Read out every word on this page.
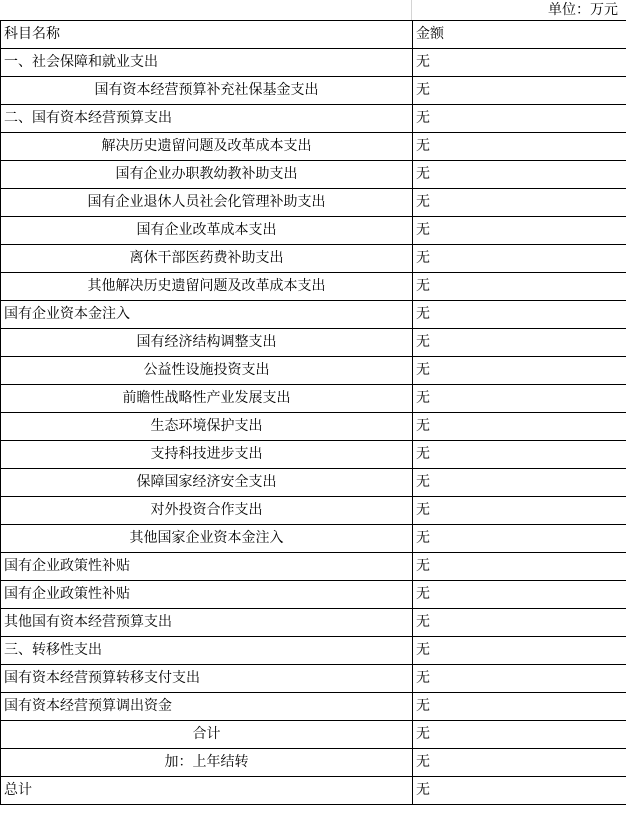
单位：万元
科目名称	金额
一、社会保障和就业支出	无
国有资本经营预算补充社保基金支出	无
二、国有资本经营预算支出	无
解决历史遗留问题及改革成本支出	无
国有企业办职教幼教补助支出	无
国有企业退休人员社会化管理补助支出	无
国有企业改革成本支出	无
离休干部医药费补助支出	无
其他解决历史遗留问题及改革成本支出	无
国有企业资本金注入	无
国有经济结构调整支出	无
公益性设施投资支出	无
前瞻性战略性产业发展支出	无
生态环境保护支出	无
支持科技进步支出	无
保障国家经济安全支出	无
对外投资合作支出	无
其他国家企业资本金注入	无
国有企业政策性补贴	无
国有企业政策性补贴	无
其他国有资本经营预算支出	无
三、转移性支出	无
国有资本经营预算转移支付支出	无
国有资本经营预算调出资金	无
合计	无
加：上年结转	无
总计	无
